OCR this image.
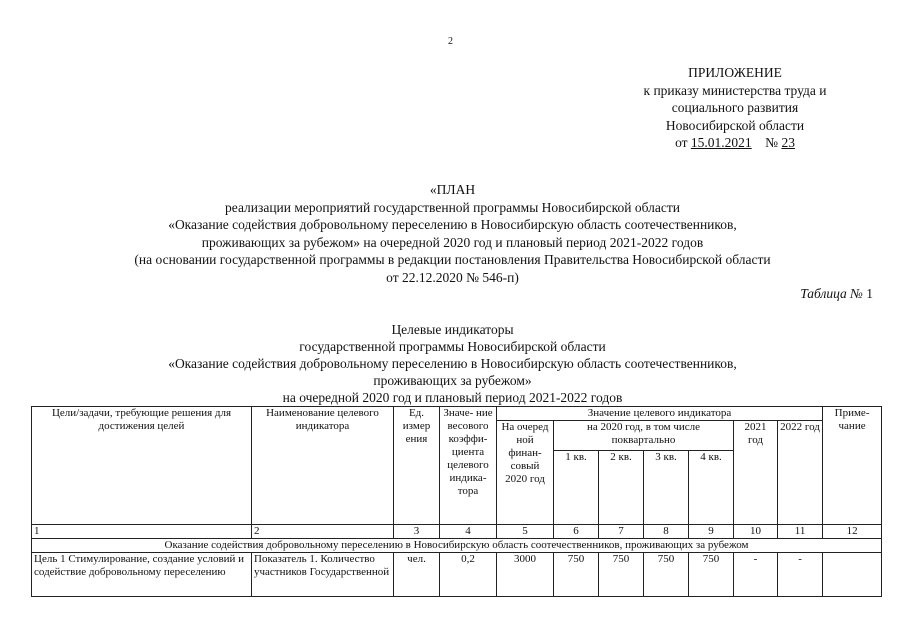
2
ПРИЛОЖЕНИЕ
к приказу министерства труда и
социального развития
Новосибирской области
от 15.01.2021 № 23
«ПЛАН
реализации мероприятий государственной программы Новосибирской области
«Оказание содействия добровольному переселению в Новосибирскую область соотечественников,
проживающих за рубежом» на очередной 2020 год и плановый период 2021-2022 годов
(на основании государственной программы в редакции постановления Правительства Новосибирской области
от 22.12.2020 № 546-п)
Таблица № 1
Целевые индикаторы
государственной программы Новосибирской области
«Оказание содействия добровольному переселению в Новосибирскую область соотечественников,
проживающих за рубежом»
на очередной 2020 год и плановый период 2021-2022 годов
Цели/задачи, требующие решения для достижения целей	Наименование целевого индикатора	Ед. измер ения	Значе- ние весового коэффи- циента целевого индика- тора	Значение целевого индикатора							Приме- чание
				На очеред ной финан- совый 2020 год	на 2020 год, в том числе поквартально				2021 год	2022 год	
					1 кв.	2 кв.	3 кв.	4 кв.			
1	2	3	4	5	6	7	8	9	10	11	12
Оказание содействия добровольному переселению в Новосибирскую область соотечественников, проживающих за рубежом											
Цель 1 Стимулирование, создание условий и содействие добровольному переселению	Показатель 1. Количество участников Государственной	чел.	0,2	3000	750	750	750	750	-	-	
